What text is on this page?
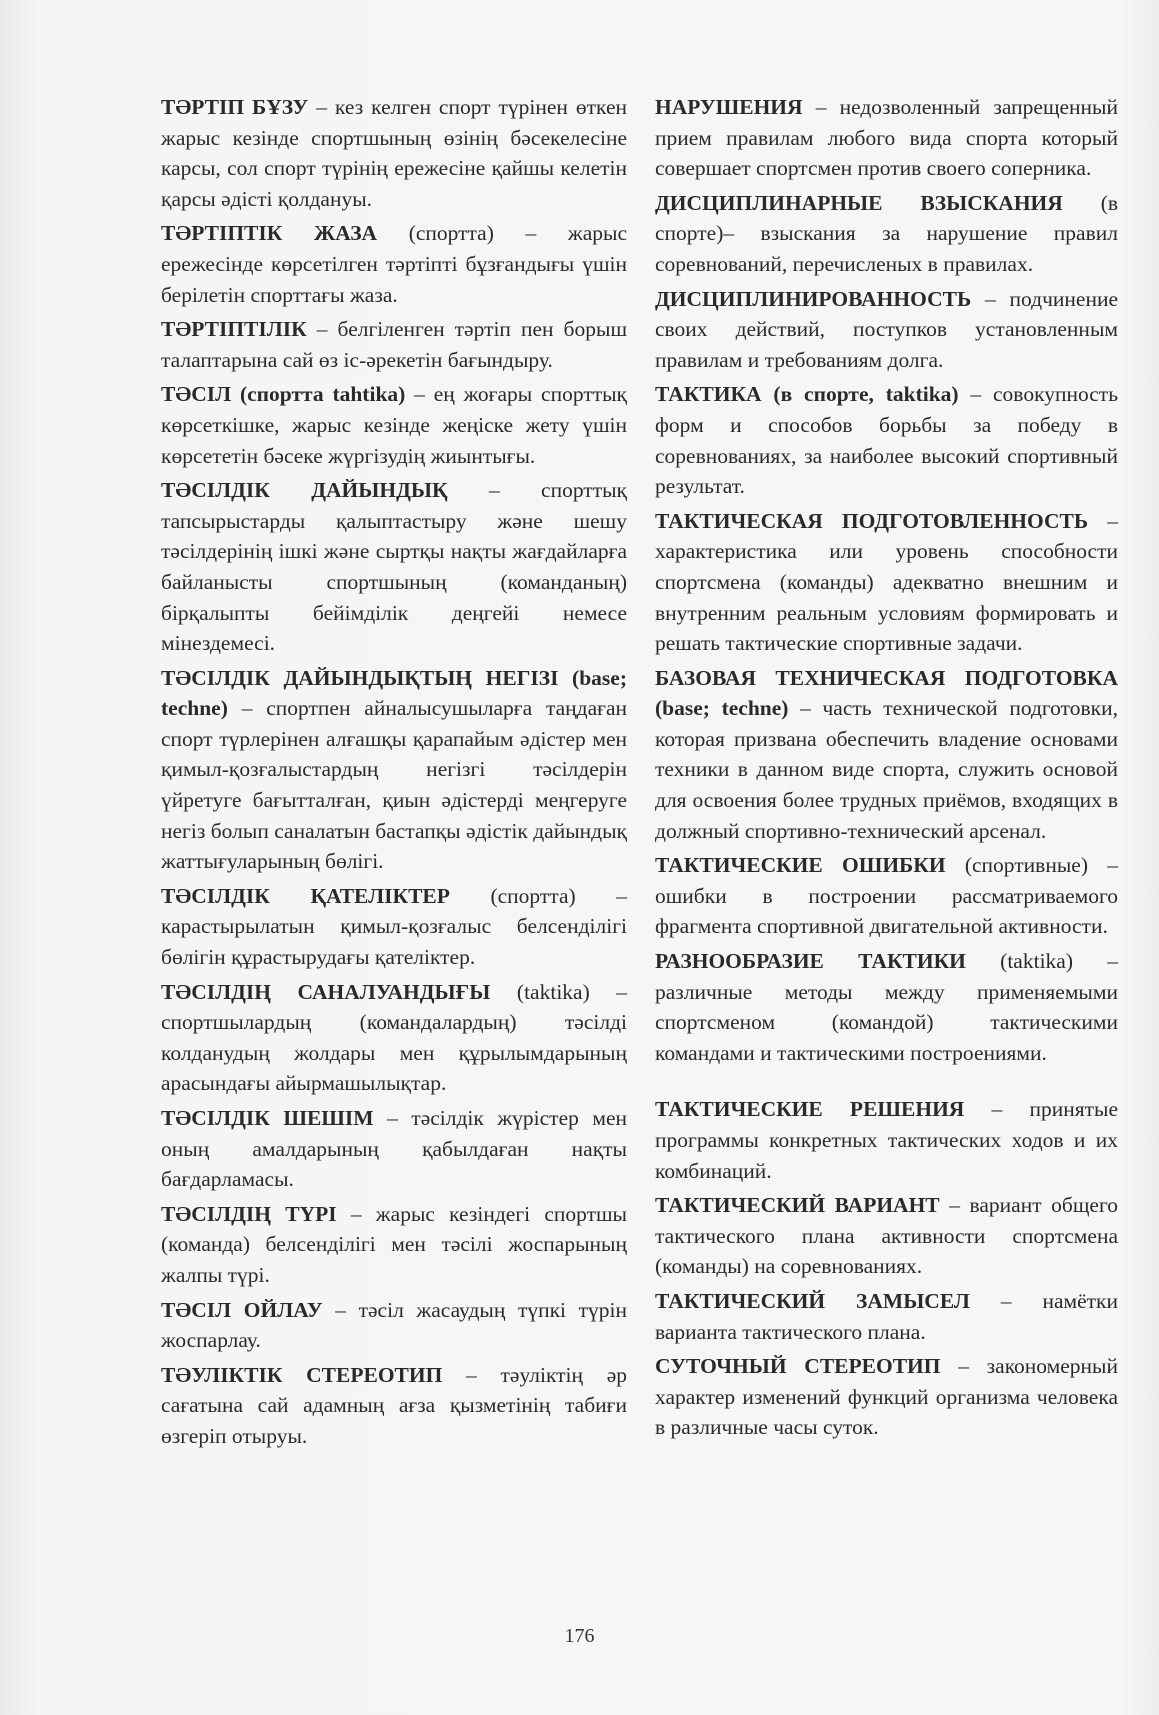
ТӘРТІП БҰЗУ – кез келген спорт түрінен өткен жарыс кезінде спортшының өзінің бәсекелесіне карсы, сол спорт түрінің ережесіне қайшы келетін қарсы әдісті қолдануы.

ТӘРТІПТІК ЖАЗА (спортта) – жарыс ережесінде көрсетілген тәртіпті бұзғандығы үшін берілетін спорттағы жаза.

ТӘРТІПТІЛІК – белгіленген тәртіп пен борыш талаптарына сай өз іс-әрекетін бағындыру.

ТӘСІЛ (спортта tahtika) – ең жоғары спорттық көрсеткішке, жарыс кезінде жеңіске жету үшін көрсететін бәсеке жүргізудің жиынтығы.

ТӘСІЛДІК ДАЙЫНДЫҚ – спорттық тапсырыстарды қалыптастыру және шешу тәсілдерінің ішкі және сыртқы нақты жағдайларға байланысты спортшының (команданың) бірқалыпты бейімділік деңгейі немесе мінездемесі.

ТӘСІЛДІК ДАЙЫНДЫҚТЫҢ НЕГІЗІ (base; techne) – спортпен айналысушыларға таңдаған спорт түрлерінен алғашқы қарапайым әдістер мен қимыл-қозғалыстардың негізгі тәсілдерін үйретуге бағытталған, қиын әдістерді меңгеруге негіз болып саналатын бастапқы әдістік дайындық жаттығуларының бөлігі.

ТӘСІЛДІК ҚАТЕЛІКТЕР (спортта) – карастырылатын қимыл-қозғалыс белсенділігі бөлігін құрастырудағы қателіктер.

ТӘСІЛДІҢ САНАЛУАНДЫҒЫ (taktika) – спортшылардың (командалардың) тәсілді колданудың жолдары мен құрылымдарының арасындағы айырмашылықтар.

ТӘСІЛДІК ШЕШІМ – тәсілдік жүрістер мен оның амалдарының қабылдаған нақты бағдарламасы.

ТӘСІЛДІҢ ТҮРІ – жарыс кезіндегі спортшы (команда) белсенділігі мен тәсілі жоспарының жалпы түрі.

ТӘСІЛ ОЙЛАУ – тәсіл жасаудың түпкі түрін жоспарлау.

ТӘУЛІКТІК СТЕРЕОТИП – тәуліктің әр сағатына сай адамның ағза қызметінің табиғи өзгеріп отыруы.

НАРУШЕНИЯ – недозволенный запрещенный прием правилам любого вида спорта который совершает спортсмен против своего соперника.

ДИСЦИПЛИНАРНЫЕ ВЗЫСКАНИЯ (в спорте)– взыскания за нарушение правил соревнований, перечисленых в правилах.

ДИСЦИПЛИНИРОВАННОСТЬ – подчинение своих действий, поступков установленным правилам и требованиям долга.

ТАКТИКА (в спорте, taktika) – совокупность форм и способов борьбы за победу в соревнованиях, за наиболее высокий спортивный результат.

ТАКТИЧЕСКАЯ ПОДГОТОВЛЕННОСТЬ – характеристика или уровень способности спортсмена (команды) адекватно внешним и внутренним реальным условиям формировать и решать тактические спортивные задачи.

БАЗОВАЯ ТЕХНИЧЕСКАЯ ПОДГОТОВКА (base; techne) – часть технической подготовки, которая призвана обеспечить владение основами техники в данном виде спорта, служить основой для освоения более трудных приёмов, входящих в должный спортивно-технический арсенал.

ТАКТИЧЕСКИЕ ОШИБКИ (спортивные) – ошибки в построении рассматриваемого фрагмента спортивной двигательной активности.

РАЗНООБРАЗИЕ ТАКТИКИ (taktika) – различные методы между применяемыми спортсменом (командой) тактическими командами и тактическими построениями.

ТАКТИЧЕСКИЕ РЕШЕНИЯ – принятые программы конкретных тактических ходов и их комбинаций.

ТАКТИЧЕСКИЙ ВАРИАНТ – вариант общего тактического плана активности спортсмена (команды) на соревнованиях.

ТАКТИЧЕСКИЙ ЗАМЫСЕЛ – намётки варианта тактического плана.

СУТОЧНЫЙ СТЕРЕОТИП – закономерный характер изменений функций организма человека в различные часы суток.

176
